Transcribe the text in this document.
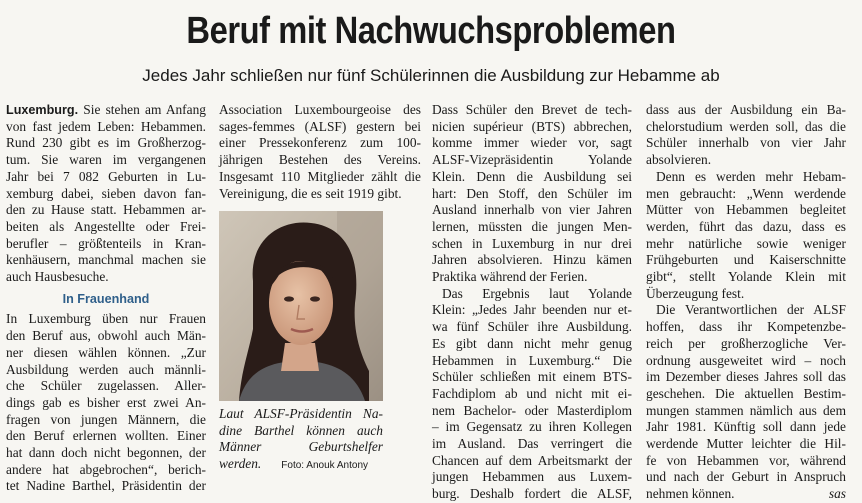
Beruf mit Nachwuchsproblemen
Jedes Jahr schließen nur fünf Schülerinnen die Ausbildung zur Hebamme ab

Luxemburg. Sie stehen am Anfang
von fast jedem Leben: Hebammen.
Rund 230 gibt es im Großherzog-
tum. Sie waren im vergangenen
Jahr bei 7 082 Geburten in Lu-
xemburg dabei, sieben davon fan-
den zu Hause statt. Hebammen ar-
beiten als Angestellte oder Frei-
berufler – größtenteils in Kran-
kenhäusern, manchmal machen sie
auch Hausbesuche.

In Frauenhand

In Luxemburg üben nur Frauen
den Beruf aus, obwohl auch Män-
ner diesen wählen können. „Zur
Ausbildung werden auch männli-
che Schüler zugelassen. Aller-
dings gab es bisher erst zwei An-
fragen von jungen Männern, die
den Beruf erlernen wollten. Einer
hat dann doch nicht begonnen, der
andere hat abgebrochen“, berich-
tet Nadine Barthel, Präsidentin der

Association Luxembourgeoise des
sages-femmes (ALSF) gestern bei
einer Pressekonferenz zum 100-
jährigen Bestehen des Vereins.
Insgesamt 110 Mitglieder zählt die
Vereinigung, die es seit 1919 gibt.

Laut ALSF-Präsidentin Na-
dine Barthel können auch
Männer Geburtshelfer
werden. Foto: Anouk Antony

Dass Schüler den Brevet de tech-
nicien supérieur (BTS) abbrechen,
komme immer wieder vor, sagt
ALSF-Vizepräsidentin Yolande
Klein. Denn die Ausbildung sei
hart: Den Stoff, den Schüler im
Ausland innerhalb von vier Jahren
lernen, müssten die jungen Men-
schen in Luxemburg in nur drei
Jahren absolvieren. Hinzu kämen
Praktika während der Ferien.

Das Ergebnis laut Yolande
Klein: „Jedes Jahr beenden nur et-
wa fünf Schüler ihre Ausbildung.
Es gibt dann nicht mehr genug
Hebammen in Luxemburg.“ Die
Schüler schließen mit einem BTS-
Fachdiplom ab und nicht mit ei-
nem Bachelor- oder Masterdiplom
– im Gegensatz zu ihren Kollegen
im Ausland. Das verringert die
Chancen auf dem Arbeitsmarkt der
jungen Hebammen aus Luxem-
burg. Deshalb fordert die ALSF,

dass aus der Ausbildung ein Ba-
chelorstudium werden soll, das die
Schüler innerhalb von vier Jahr
absolvieren.

Denn es werden mehr Hebam-
men gebraucht: „Wenn werdende
Mütter von Hebammen begleitet
werden, führt das dazu, dass es
mehr natürliche sowie weniger
Frühgeburten und Kaiserschnitte
gibt“, stellt Yolande Klein mit
Überzeugung fest.

Die Verantwortlichen der ALSF
hoffen, dass ihr Kompetenzbe-
reich per großherzogliche Ver-
ordnung ausgeweitet wird – noch
im Dezember dieses Jahres soll das
geschehen. Die aktuellen Bestim-
mungen stammen nämlich aus dem
Jahr 1981. Künftig soll dann jede
werdende Mutter leichter die Hil-
fe von Hebammen vor, während
und nach der Geburt in Anspruch
nehmen können.	sas
